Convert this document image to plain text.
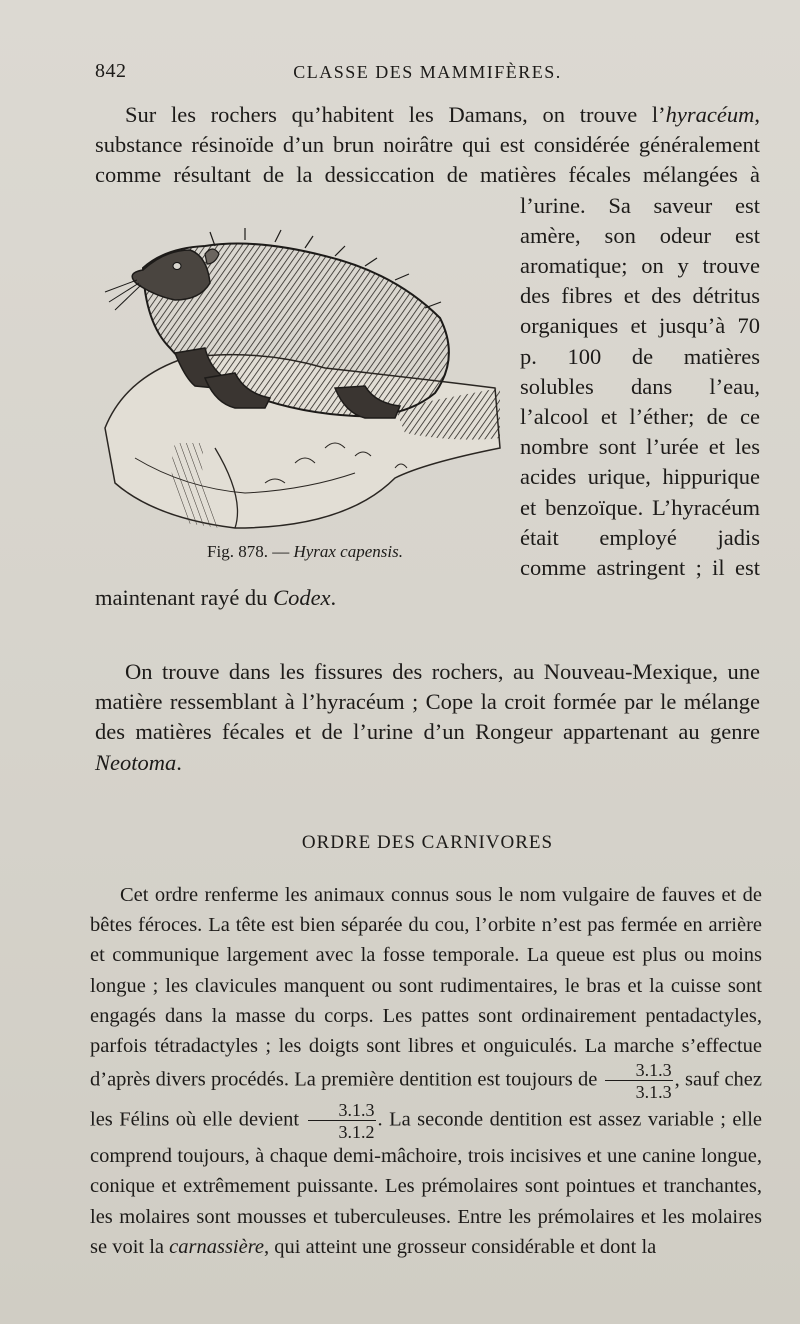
842	CLASSE DES MAMMIFÈRES.
Sur les rochers qu’habitent les Damans, on trouve l’hyracéum, substance résinoïde d’un brun noirâtre qui est considérée généralement comme résultant de la dessiccation de matières fécales mélangées à l’urine. Sa saveur est amère, son odeur est aromatique; on y trouve des fibres et des détritus organiques et jusqu’à 70 p. 100 de matières solubles dans l’eau, l’alcool et l’éther; de ce nombre sont l’urée et les acides urique, hippurique et benzoïque. L’hyracéum était employé jadis comme astringent ; il est maintenant rayé du Codex.
Fig. 878. — Hyrax capensis.
On trouve dans les fissures des rochers, au Nouveau-Mexique, une matière ressemblant à l’hyracéum ; Cope la croit formée par le mélange des matières fécales et de l’urine d’un Rongeur appartenant au genre Neotoma.
ORDRE DES CARNIVORES
Cet ordre renferme les animaux connus sous le nom vulgaire de fauves et de bêtes féroces. La tête est bien séparée du cou, l’orbite n’est pas fermée en arrière et communique largement avec la fosse temporale. La queue est plus ou moins longue ; les clavicules manquent ou sont rudimentaires, le bras et la cuisse sont engagés dans la masse du corps. Les pattes sont ordinairement pentadactyles, parfois tétradactyles ; les doigts sont libres et onguiculés. La marche s’effectue d’après divers procédés. La première dentition est toujours de $\frac{3.1.3}{3.1.3}$ , sauf chez les Félins où elle devient $\frac{3.1.3}{3.1.2}$ . La seconde dentition est assez variable ; elle comprend toujours, à chaque demi-mâchoire, trois incisives et une canine longue, conique et extrêmement puissante. Les prémolaires sont pointues et tranchantes, les molaires sont mousses et tuberculeuses. Entre les prémolaires et les molaires se voit la carnassière, qui atteint une grosseur considérable et dont la
